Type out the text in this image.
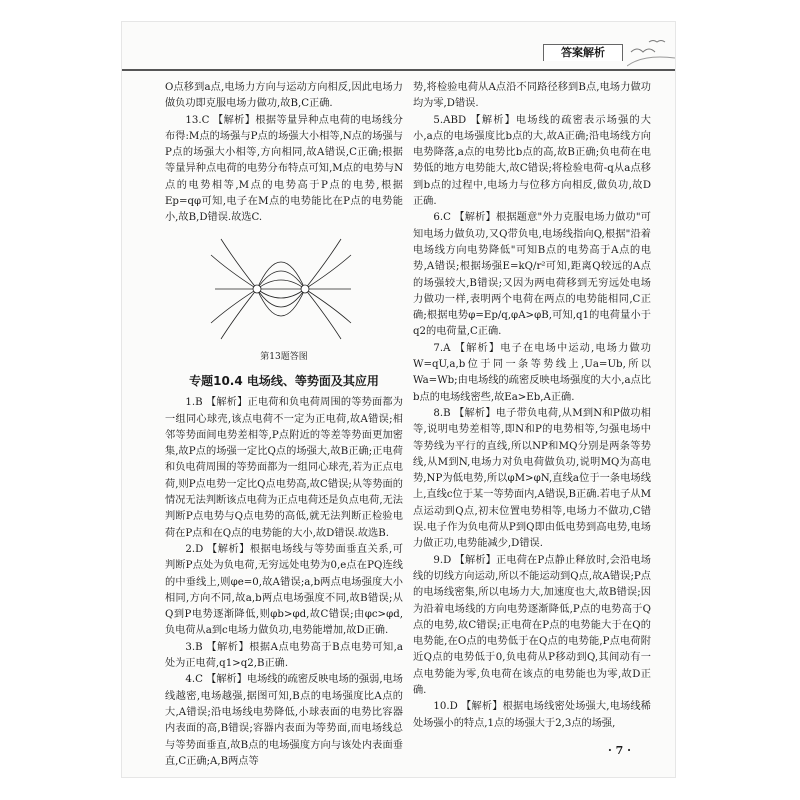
答案解析

O点移到a点,电场力方向与运动方向相反,因此电场力做负功即克服电场力做功,故B,C正确.

13.C 【解析】根据等量异种点电荷的电场线分布得:M点的场强与P点的场强大小相等,N点的场强与P点的场强大小相等,方向相同,故A错误,C正确;根据等量异种点电荷的电势分布特点可知,M点的电势与N点的电势相等,M点的电势高于P点的电势,根据Ep=qφ可知,电子在M点的电势能比在P点的电势能小,故B,D错误.故选C.

第13题答图
专题10.4 电场线、等势面及其应用

1.B 【解析】正电荷和负电荷周围的等势面都为一组同心球壳,该点电荷不一定为正电荷,故A错误;相邻等势面间电势差相等,P点附近的等差等势面更加密集,故P点的场强一定比Q点的场强大,故B正确;正电荷和负电荷周围的等势面都为一组同心球壳,若为正点电荷,则P点电势一定比Q点电势高,故C错误;从等势面的情况无法判断该点电荷为正点电荷还是负点电荷,无法判断P点电势与Q点电势的高低,就无法判断正检验电荷在P点和在Q点的电势能的大小,故D错误.故选B.

2.D 【解析】根据电场线与等势面垂直关系,可判断P点处为负电荷,无穷远处电势为0,e点在PQ连线的中垂线上,则φe=0,故A错误;a,b两点电场强度大小相同,方向不同,故a,b两点电场强度不同,故B错误;从Q到P电势逐渐降低,则φb>φd,故C错误;由φc>φd,负电荷从a到c电场力做负功,电势能增加,故D正确.

3.B 【解析】根据A点电势高于B点电势可知,a处为正电荷,q1>q2,B正确.

4.C 【解析】电场线的疏密反映电场的强弱,电场线越密,电场越强,据图可知,B点的电场强度比A点的大,A错误;沿电场线电势降低,小球表面的电势比容器内表面的高,B错误;容器内表面为等势面,而电场线总与等势面垂直,故B点的电场强度方向与该处内表面垂直,C正确;A,B两点等

势,将检验电荷从A点沿不同路径移到B点,电场力做功均为零,D错误.

5.ABD 【解析】电场线的疏密表示场强的大小,a点的电场强度比b点的大,故A正确;沿电场线方向电势降落,a点的电势比b点的高,故B正确;负电荷在电势低的地方电势能大,故C错误;将检验电荷-q从a点移到b点的过程中,电场力与位移方向相反,做负功,故D正确.

6.C 【解析】根据题意"外力克服电场力做功"可知电场力做负功,又Q带负电,电场线指向Q,根据"沿着电场线方向电势降低"可知B点的电势高于A点的电势,A错误;根据场强E=kQ/r²可知,距离Q较远的A点的场强较大,B错误;又因为两电荷移到无穷远处电场力做功一样,表明两个电荷在两点的电势能相同,C正确;根据电势φ=Ep/q,φA>φB,可知,q1的电荷量小于q2的电荷量,C正确.

7.A 【解析】电子在电场中运动,电场力做功W=qU,a,b位于同一条等势线上,Ua=Ub,所以Wa=Wb;由电场线的疏密反映电场强度的大小,a点比b点的电场线密些,故Ea>Eb,A正确.

8.B 【解析】电子带负电荷,从M到N和P做功相等,说明电势差相等,即N和P的电势相等,匀强电场中等势线为平行的直线,所以NP和MQ分别是两条等势线,从M到N,电场力对负电荷做负功,说明MQ为高电势,NP为低电势,所以φM>φN,直线a位于一条电场线上,直线c位于某一等势面内,A错误,B正确.若电子从M点运动到Q点,初末位置电势相等,电场力不做功,C错误.电子作为负电荷从P到Q即由低电势到高电势,电场力做正功,电势能减少,D错误.

9.D 【解析】正电荷在P点静止释放时,会沿电场线的切线方向运动,所以不能运动到Q点,故A错误;P点的电场线密集,所以电场力大,加速度也大,故B错误;因为沿着电场线的方向电势逐渐降低,P点的电势高于Q点的电势,故C错误;正电荷在P点的电势能大于在Q的电势能,在O点的电势低于在Q点的电势能,P点电荷附近Q点的电势低于0,负电荷从P移动到Q,其间动有一点电势能为零,负电荷在该点的电势能也为零,故D正确.

10.D 【解析】根据电场线密处场强大,电场线稀处场强小的特点,1点的场强大于2,3点的场强,

· 7 ·
